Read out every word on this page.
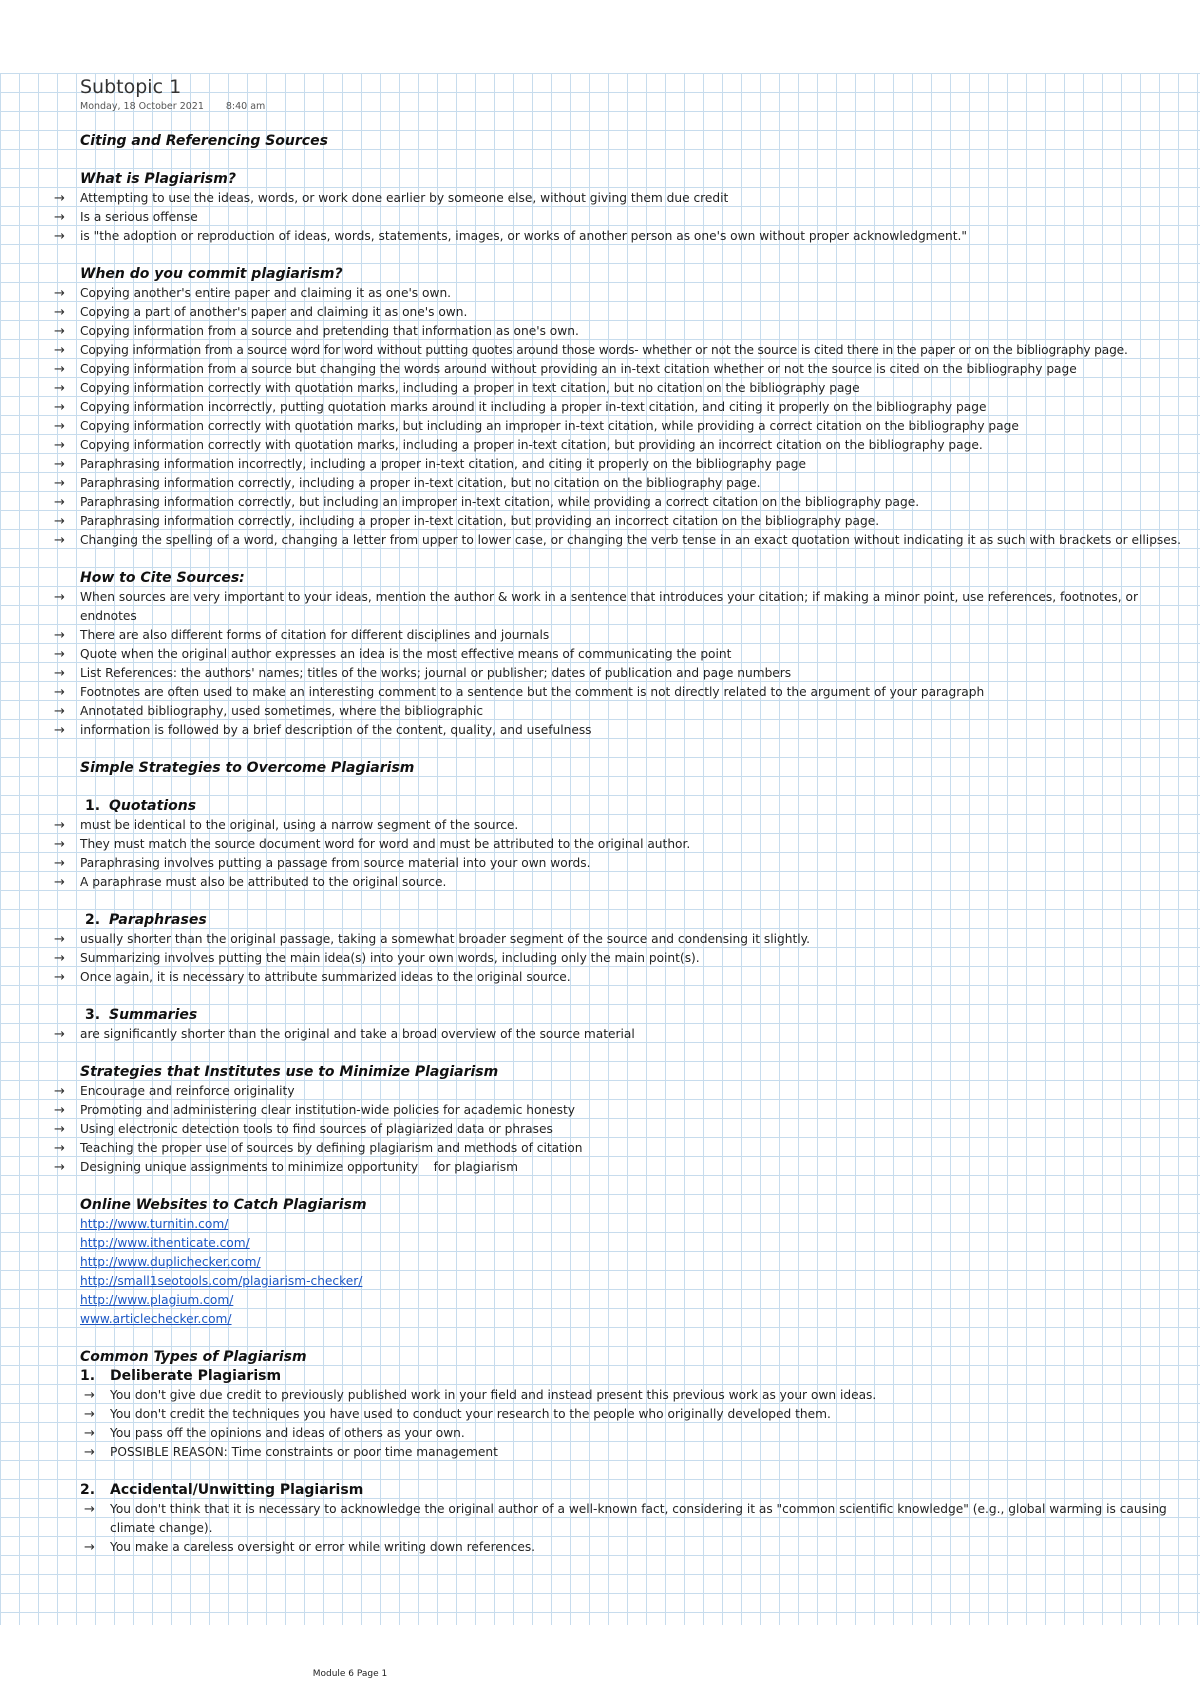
Subtopic 1
Monday, 18 October 2021 8:40 am
Citing and Referencing Sources
What is Plagiarism?
→ Attempting to use the ideas, words, or work done earlier by someone else, without giving them due credit
→ Is a serious offense
→ is "the adoption or reproduction of ideas, words, statements, images, or works of another person as one's own without proper acknowledgment."
When do you commit plagiarism?
→ Copying another's entire paper and claiming it as one's own.
→ Copying a part of another's paper and claiming it as one's own.
→ Copying information from a source and pretending that information as one's own.
→ Copying information from a source word for word without putting quotes around those words- whether or not the source is cited there in the paper or on the bibliography page.
→ Copying information from a source but changing the words around without providing an in-text citation whether or not the source is cited on the bibliography page
→ Copying information correctly with quotation marks, including a proper in text citation, but no citation on the bibliography page
→ Copying information incorrectly, putting quotation marks around it including a proper in-text citation, and citing it properly on the bibliography page
→ Copying information correctly with quotation marks, but including an improper in-text citation, while providing a correct citation on the bibliography page
→ Copying information correctly with quotation marks, including a proper in-text citation, but providing an incorrect citation on the bibliography page.
→ Paraphrasing information incorrectly, including a proper in-text citation, and citing it properly on the bibliography page
→ Paraphrasing information correctly, including a proper in-text citation, but no citation on the bibliography page.
→ Paraphrasing information correctly, but including an improper in-text citation, while providing a correct citation on the bibliography page.
→ Paraphrasing information correctly, including a proper in-text citation, but providing an incorrect citation on the bibliography page.
→ Changing the spelling of a word, changing a letter from upper to lower case, or changing the verb tense in an exact quotation without indicating it as such with brackets or ellipses.
How to Cite Sources:
→ When sources are very important to your ideas, mention the author & work in a sentence that introduces your citation; if making a minor point, use references, footnotes, or endnotes
→ There are also different forms of citation for different disciplines and journals
→ Quote when the original author expresses an idea is the most effective means of communicating the point
→ List References: the authors' names; titles of the works; journal or publisher; dates of publication and page numbers
→ Footnotes are often used to make an interesting comment to a sentence but the comment is not directly related to the argument of your paragraph
→ Annotated bibliography, used sometimes, where the bibliographic
→ information is followed by a brief description of the content, quality, and usefulness
Simple Strategies to Overcome Plagiarism
1. Quotations
→ must be identical to the original, using a narrow segment of the source.
→ They must match the source document word for word and must be attributed to the original author.
→ Paraphrasing involves putting a passage from source material into your own words.
→ A paraphrase must also be attributed to the original source.
2. Paraphrases
→ usually shorter than the original passage, taking a somewhat broader segment of the source and condensing it slightly.
→ Summarizing involves putting the main idea(s) into your own words, including only the main point(s).
→ Once again, it is necessary to attribute summarized ideas to the original source.
3. Summaries
→ are significantly shorter than the original and take a broad overview of the source material
Strategies that Institutes use to Minimize Plagiarism
→ Encourage and reinforce originality
→ Promoting and administering clear institution-wide policies for academic honesty
→ Using electronic detection tools to find sources of plagiarized data or phrases
→ Teaching the proper use of sources by defining plagiarism and methods of citation
→ Designing unique assignments to minimize opportunity    for plagiarism
Online Websites to Catch Plagiarism
http://www.turnitin.com/
http://www.ithenticate.com/
http://www.duplichecker.com/
http://small1seotools.com/plagiarism-checker/
http://www.plagium.com/
www.articlechecker.com/
Common Types of Plagiarism
1. Deliberate Plagiarism
→ You don't give due credit to previously published work in your field and instead present this previous work as your own ideas.
→ You don't credit the techniques you have used to conduct your research to the people who originally developed them.
→ You pass off the opinions and ideas of others as your own.
→ POSSIBLE REASON: Time constraints or poor time management
2. Accidental/Unwitting Plagiarism
→ You don't think that it is necessary to acknowledge the original author of a well-known fact, considering it as "common scientific knowledge" (e.g., global warming is causing climate change).
→ You make a careless oversight or error while writing down references.
Module 6 Page 1
